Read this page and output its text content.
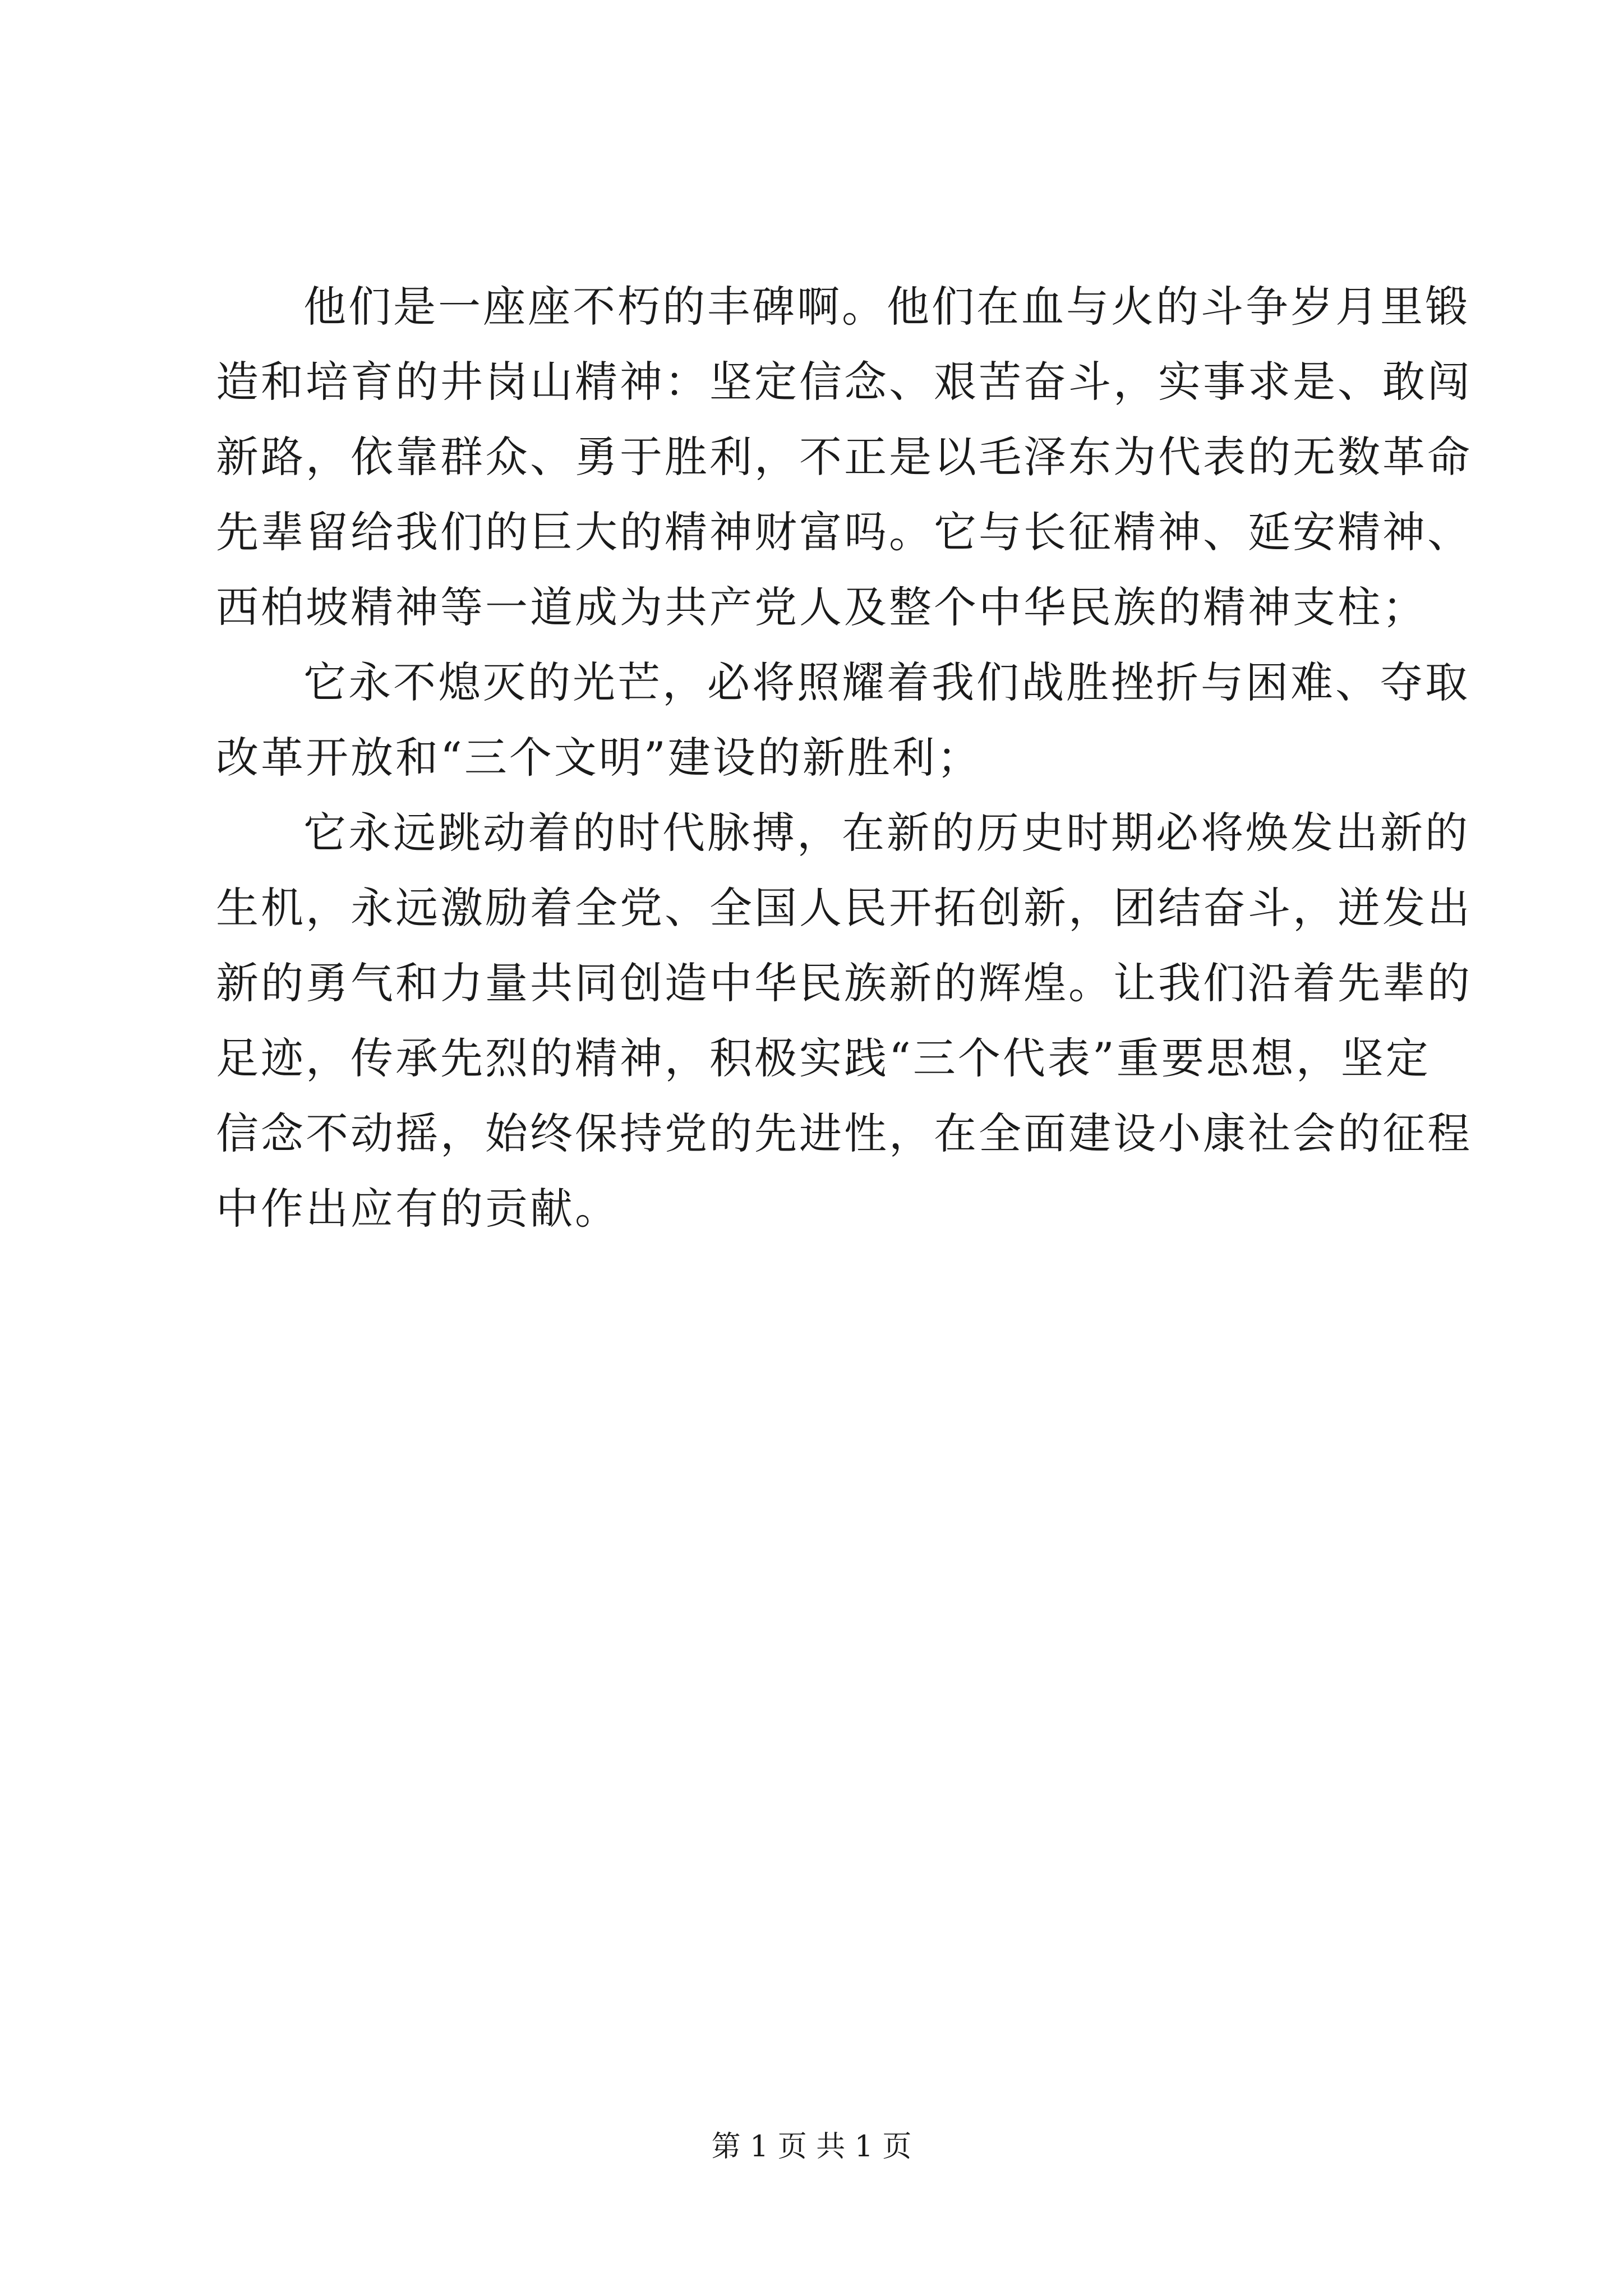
他们是一座座不朽的丰碑啊。他们在血与火的斗争岁月里锻
造和培育的井岗山精神：坚定信念、艰苦奋斗，实事求是、敢闯
新路，依靠群众、勇于胜利，不正是以毛泽东为代表的无数革命
先辈留给我们的巨大的精神财富吗。它与长征精神、延安精神、
西柏坡精神等一道成为共产党人及整个中华民族的精神支柱；
它永不熄灭的光芒，必将照耀着我们战胜挫折与困难、夺取
改革开放和“三个文明”建设的新胜利；
它永远跳动着的时代脉搏，在新的历史时期必将焕发出新的
生机，永远激励着全党、全国人民开拓创新，团结奋斗，迸发出
新的勇气和力量共同创造中华民族新的辉煌。让我们沿着先辈的
足迹，传承先烈的精神，积极实践“三个代表”重要思想，坚定
信念不动摇，始终保持党的先进性，在全面建设小康社会的征程
中作出应有的贡献。
第 1 页 共 1 页
